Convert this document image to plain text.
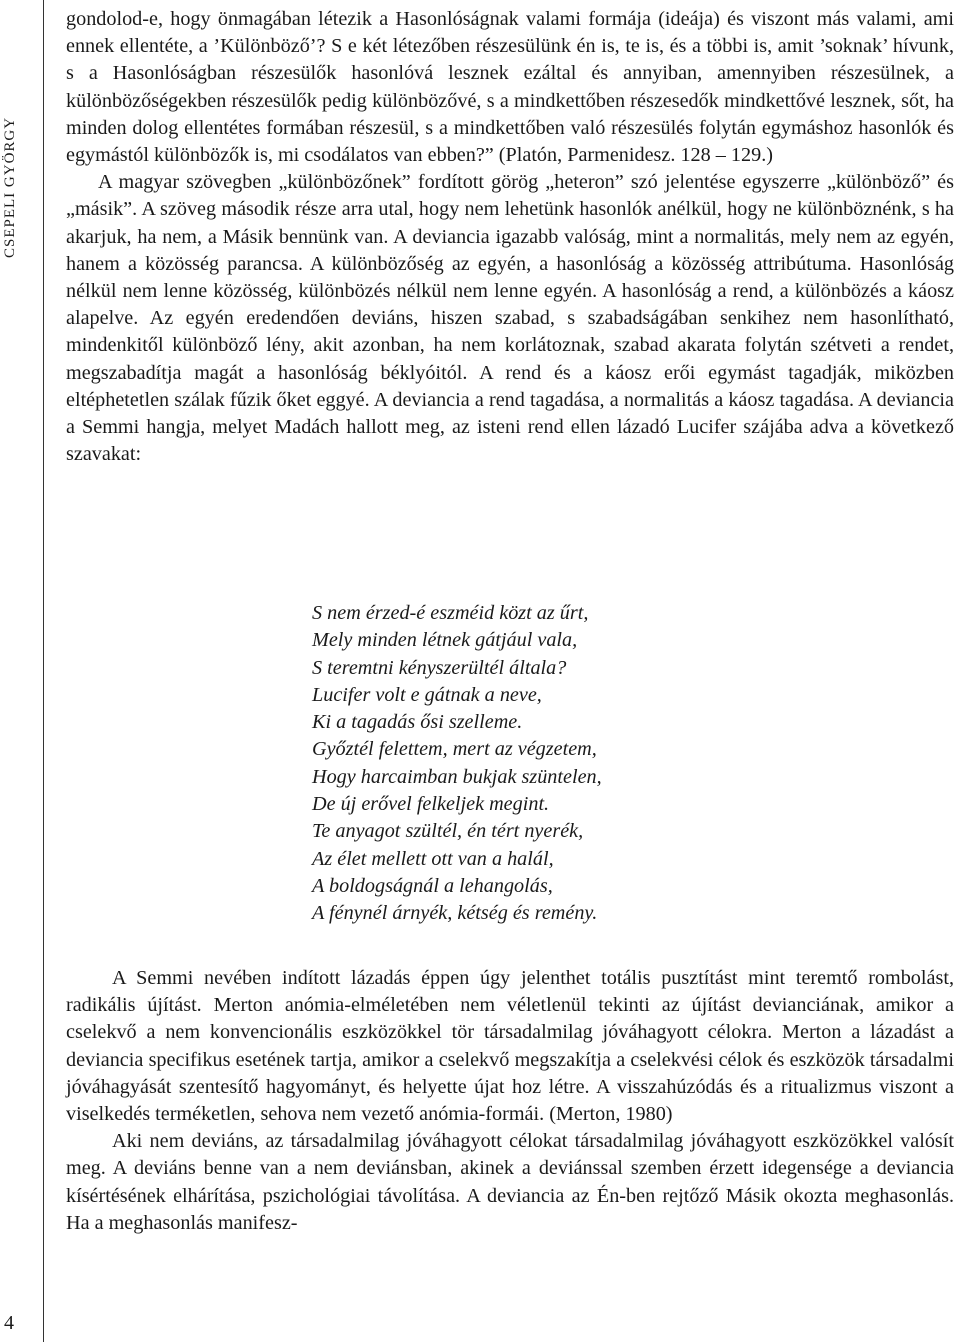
CSEPELI GYÖRGY
4

gondolod-e, hogy önmagában létezik a Hasonlóságnak valami formája (ideája) és viszont más valami, ami ennek ellentéte, a ’Különböző’? S e két létezőben részesülünk én is, te is, és a többi is, amit ’soknak’ hívunk, s a Hasonlóságban részesülők hasonlóvá lesznek ezáltal és annyiban, amennyiben részesülnek, a különbözőségekben részesülők pedig különbözővé, s a mindkettőben részesedők mindkettővé lesznek, sőt, ha minden dolog ellentétes formában részesül, s a mindkettőben való részesülés folytán egymáshoz hasonlók és egymástól különbözők is, mi csodálatos van ebben?” (Platón, Parmenidesz. 128 – 129.)

A magyar szövegben „különbözőnek” fordított görög „heteron” szó jelentése egyszerre „különböző” és „másik”. A szöveg második része arra utal, hogy nem lehetünk hasonlók anélkül, hogy ne különböznénk, s ha akarjuk, ha nem, a Másik bennünk van. A deviancia igazabb valóság, mint a normalitás, mely nem az egyén, hanem a közösség parancsa. A különbözőség az egyén, a hasonlóság a közösség attribútuma. Hasonlóság nélkül nem lenne közösség, különbözés nélkül nem lenne egyén. A hasonlóság a rend, a különbözés a káosz alapelve. Az egyén eredendően deviáns, hiszen szabad, s szabadságában senkihez nem hasonlítható, mindenkitől különböző lény, akit azonban, ha nem korlátoznak, szabad akarata folytán szétveti a rendet, megszabadítja magát a hasonlóság béklyóitól. A rend és a káosz erői egymást tagadják, miközben eltéphetetlen szálak fűzik őket eggyé. A deviancia a rend tagadása, a normalitás a káosz tagadása. A deviancia a Semmi hangja, melyet Madách hallott meg, az isteni rend ellen lázadó Lucifer szájába adva a következő szavakat:

S nem érzed-é eszméid közt az űrt,
Mely minden létnek gátjául vala,
S teremtni kényszerültél általa?
Lucifer volt e gátnak a neve,
Ki a tagadás ősi szelleme.
Győztél felettem, mert az végzetem,
Hogy harcaimban bukjak szüntelen,
De új erővel felkeljek megint.
Te anyagot szültél, én tért nyerék,
Az élet mellett ott van a halál,
A boldogságnál a lehangolás,
A fénynél árnyék, kétség és remény.

A Semmi nevében indított lázadás éppen úgy jelenthet totális pusztítást mint teremtő rombolást, radikális újítást. Merton anómia-elméletében nem véletlenül tekinti az újítást devianciának, amikor a cselekvő a nem konvencionális eszközökkel tör társadalmilag jóváhagyott célokra. Merton a lázadást a deviancia specifikus esetének tartja, amikor a cselekvő megszakítja a cselekvési célok és eszközök társadalmi jóváhagyását szentesítő hagyományt, és helyette újat hoz létre. A visszahúzódás és a ritualizmus viszont a viselkedés terméketlen, sehova nem vezető anómia-formái. (Merton, 1980)

Aki nem deviáns, az társadalmilag jóváhagyott célokat társadalmilag jóváhagyott eszközökkel valósít meg. A deviáns benne van a nem deviánsban, akinek a deviánssal szemben érzett idegensége a deviancia kísértésének elhárítása, pszichológiai távolítása. A deviancia az Én-ben rejtőző Másik okozta meghasonlás. Ha a meghasonlás manifesz-
